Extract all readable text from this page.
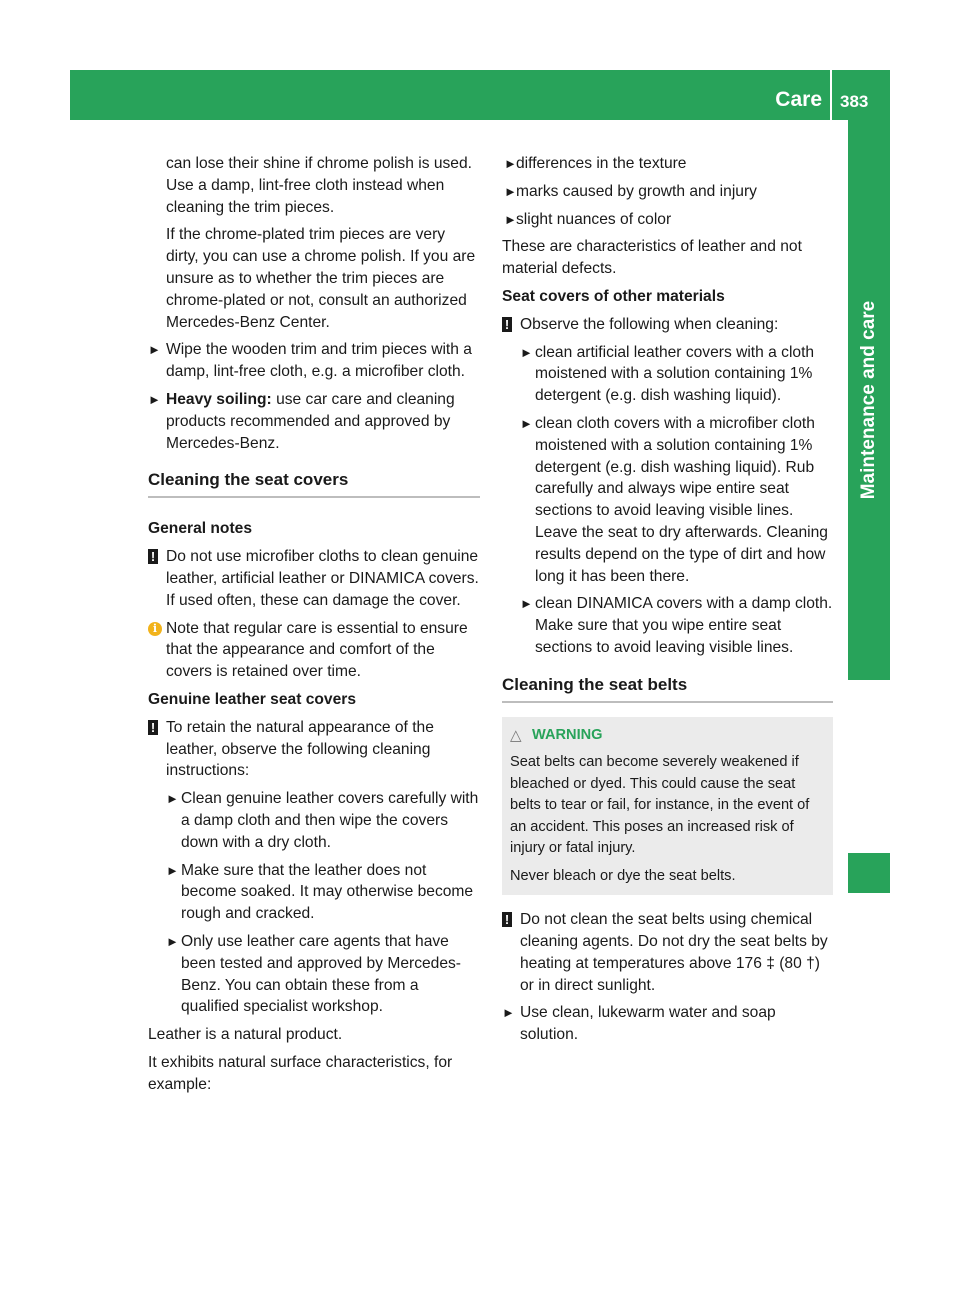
Care 383
Maintenance and care

can lose their shine if chrome polish is used. Use a damp, lint-free cloth instead when cleaning the trim pieces.

If the chrome-plated trim pieces are very dirty, you can use a chrome polish. If you are unsure as to whether the trim pieces are chrome-plated or not, consult an authorized Mercedes-Benz Center.

► Wipe the wooden trim and trim pieces with a damp, lint-free cloth, e.g. a microfiber cloth.
► Heavy soiling: use car care and cleaning products recommended and approved by Mercedes-Benz.
Cleaning the seat covers

General notes

! Do not use microfiber cloths to clean genuine leather, artificial leather or DINAMICA covers. If used often, these can damage the cover.
i Note that regular care is essential to ensure that the appearance and comfort of the covers is retained over time.

Genuine leather seat covers

! To retain the natural appearance of the leather, observe the following cleaning instructions:
► Clean genuine leather covers carefully with a damp cloth and then wipe the covers down with a dry cloth.
► Make sure that the leather does not become soaked. It may otherwise become rough and cracked.
► Only use leather care agents that have been tested and approved by Mercedes-Benz. You can obtain these from a qualified specialist workshop.

Leather is a natural product.

It exhibits natural surface characteristics, for example:

► differences in the texture
► marks caused by growth and injury
► slight nuances of color

These are characteristics of leather and not material defects.

Seat covers of other materials

! Observe the following when cleaning:
► clean artificial leather covers with a cloth moistened with a solution containing 1% detergent (e.g. dish washing liquid).
► clean cloth covers with a microfiber cloth moistened with a solution containing 1% detergent (e.g. dish washing liquid). Rub carefully and always wipe entire seat sections to avoid leaving visible lines. Leave the seat to dry afterwards. Cleaning results depend on the type of dirt and how long it has been there.
► clean DINAMICA covers with a damp cloth. Make sure that you wipe entire seat sections to avoid leaving visible lines.
Cleaning the seat belts
△ WARNING

Seat belts can become severely weakened if bleached or dyed. This could cause the seat belts to tear or fail, for instance, in the event of an accident. This poses an increased risk of injury or fatal injury.

Never bleach or dye the seat belts.

! Do not clean the seat belts using chemical cleaning agents. Do not dry the seat belts by heating at temperatures above 176 ‡ (80 †) or in direct sunlight.
► Use clean, lukewarm water and soap solution.
